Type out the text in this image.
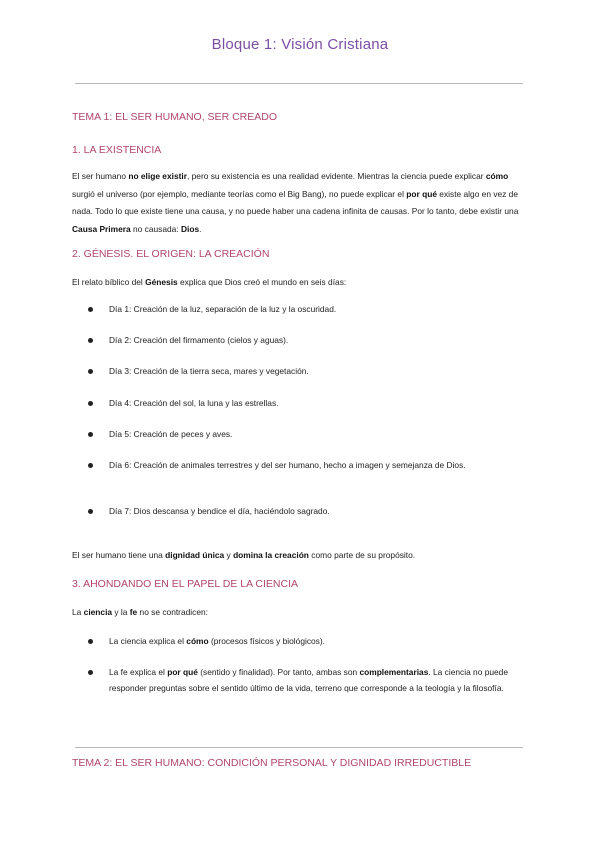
Bloque 1: Visión Cristiana
TEMA 1: EL SER HUMANO, SER CREADO
1. LA EXISTENCIA
El ser humano no elige existir, pero su existencia es una realidad evidente. Mientras la ciencia puede explicar cómo surgió el universo (por ejemplo, mediante teorías como el Big Bang), no puede explicar el por qué existe algo en vez de nada. Todo lo que existe tiene una causa, y no puede haber una cadena infinita de causas. Por lo tanto, debe existir una Causa Primera no causada: Dios.
2. GÉNESIS. EL ORIGEN: LA CREACIÓN
El relato bíblico del Génesis explica que Dios creó el mundo en seis días:
Día 1: Creación de la luz, separación de la luz y la oscuridad.
Día 2: Creación del firmamento (cielos y aguas).
Día 3: Creación de la tierra seca, mares y vegetación.
Día 4: Creación del sol, la luna y las estrellas.
Día 5: Creación de peces y aves.
Día 6: Creación de animales terrestres y del ser humano, hecho a imagen y semejanza de Dios.
Día 7: Dios descansa y bendice el día, haciéndolo sagrado.
El ser humano tiene una dignidad única y domina la creación como parte de su propósito.
3. AHONDANDO EN EL PAPEL DE LA CIENCIA
La ciencia y la fe no se contradicen:
La ciencia explica el cómo (procesos físicos y biológicos).
La fe explica el por qué (sentido y finalidad). Por tanto, ambas son complementarias. La ciencia no puede responder preguntas sobre el sentido último de la vida, terreno que corresponde a la teología y la filosofía.
TEMA 2: EL SER HUMANO: CONDICIÓN PERSONAL Y DIGNIDAD IRREDUCTIBLE
